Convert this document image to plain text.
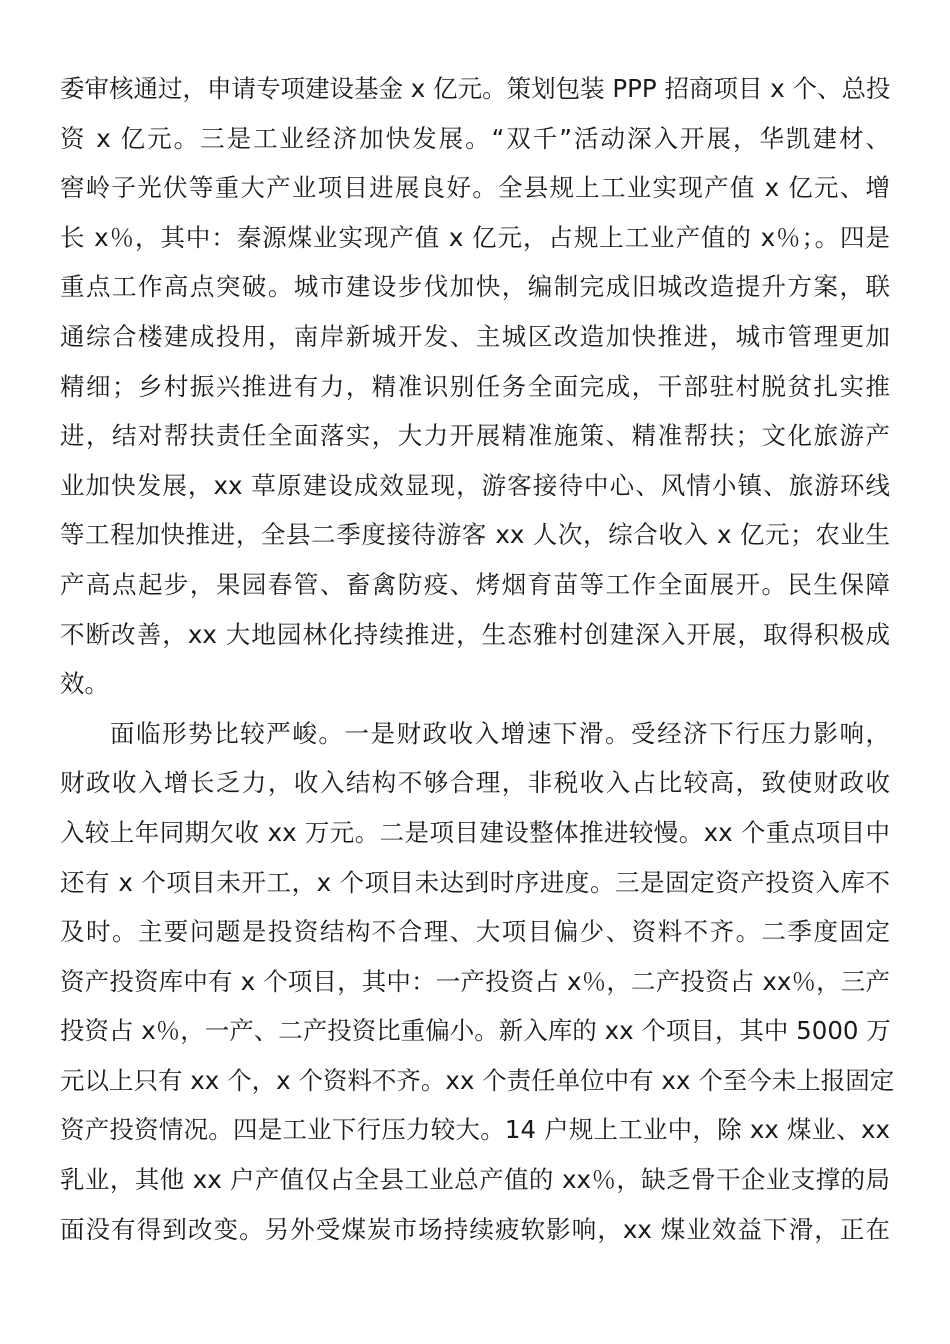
委审核通过，申请专项建设基金 x 亿元。策划包装 PPP 招商项目 x 个、总投
资 x 亿元。三是工业经济加快发展。“双千”活动深入开展，华凯建材、
窖岭子光伏等重大产业项目进展良好。全县规上工业实现产值 x 亿元、增
长 x％，其中：秦源煤业实现产值 x 亿元，占规上工业产值的 x％；。四是
重点工作高点突破。城市建设步伐加快，编制完成旧城改造提升方案，联
通综合楼建成投用，南岸新城开发、主城区改造加快推进，城市管理更加
精细；乡村振兴推进有力，精准识别任务全面完成，干部驻村脱贫扎实推
进，结对帮扶责任全面落实，大力开展精准施策、精准帮扶；文化旅游产
业加快发展，xx 草原建设成效显现，游客接待中心、风情小镇、旅游环线
等工程加快推进，全县二季度接待游客 xx 人次，综合收入 x 亿元；农业生
产高点起步，果园春管、畜禽防疫、烤烟育苗等工作全面展开。民生保障
不断改善，xx 大地园林化持续推进，生态雅村创建深入开展，取得积极成
效。
面临形势比较严峻。一是财政收入增速下滑。受经济下行压力影响，
财政收入增长乏力，收入结构不够合理，非税收入占比较高，致使财政收
入较上年同期欠收 xx 万元。二是项目建设整体推进较慢。xx 个重点项目中
还有 x 个项目未开工，x 个项目未达到时序进度。三是固定资产投资入库不
及时。主要问题是投资结构不合理、大项目偏少、资料不齐。二季度固定
资产投资库中有 x 个项目，其中：一产投资占 x％，二产投资占 xx％，三产
投资占 x％，一产、二产投资比重偏小。新入库的 xx 个项目，其中 5000 万
元以上只有 xx 个，x 个资料不齐。xx 个责任单位中有 xx 个至今未上报固定
资产投资情况。四是工业下行压力较大。14 户规上工业中，除 xx 煤业、xx
乳业，其他 xx 户产值仅占全县工业总产值的 xx％，缺乏骨干企业支撑的局
面没有得到改变。另外受煤炭市场持续疲软影响，xx 煤业效益下滑，正在
